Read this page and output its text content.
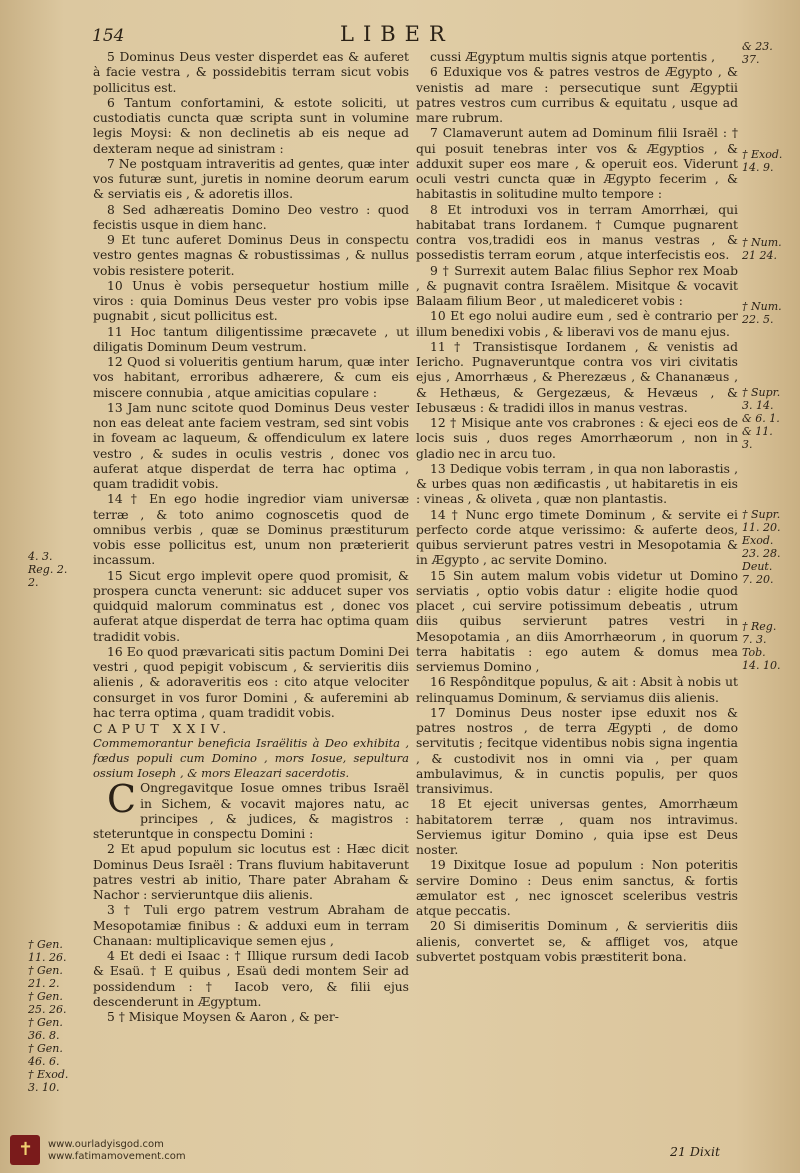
154	LIBER

5 Dominus Deus vester disperdet eas & auferet à facie vestra , & possidebitis terram sicut vobis pollicitus est.

6 Tantum confortamini, & estote soliciti, ut custodiatis cuncta quæ scripta sunt in volumine legis Moysi: & non declinetis ab eis neque ad dexteram neque ad sinistram :

7 Ne postquam intraveritis ad gentes, quæ inter vos futuræ sunt, juretis in nomine deorum earum & serviatis eis , & adoretis illos.

8 Sed adhæreatis Domino Deo vestro : quod fecistis usque in diem hanc.

9 Et tunc auferet Dominus Deus in conspectu vestro gentes magnas & robustissimas , & nullus vobis resistere poterit.

10 Unus è vobis persequetur hostium mille viros : quia Dominus Deus vester pro vobis ipse pugnabit , sicut pollicitus est.

11 Hoc tantum diligentissime præcavete , ut diligatis Dominum Deum vestrum.

12 Quod si volueritis gentium harum, quæ inter vos habitant, erroribus adhærere, & cum eis miscere connubia , atque amicitias copulare :

13 Jam nunc scitote quod Dominus Deus vester non eas deleat ante faciem vestram, sed sint vobis in foveam ac laqueum, & offendiculum ex latere vestro , & sudes in oculis vestris , donec vos auferat atque disperdat de terra hac optima , quam tradidit vobis.

14 † En ego hodie ingredior viam universæ terræ , & toto animo cognoscetis quod de omnibus verbis , quæ se Dominus præstiturum vobis esse pollicitus est, unum non præterierit incassum.

15 Sicut ergo implevit opere quod promisit, & prospera cuncta venerunt: sic adducet super vos quidquid malorum comminatus est , donec vos auferat atque disperdat de terra hac optima quam tradidit vobis.

16 Eo quod prævaricati sitis pactum Domini Dei vestri , quod pepigit vobiscum , & servieritis diis alienis , & adoraveritis eos : cito atque velociter consurget in vos furor Domini , & auferemini ab hac terra optima , quam tradidit vobis.

CAPUT XXIV.

Commemorantur beneficia Israëlitis à Deo exhibita , fœdus populi cum Domino , mors Iosue, sepultura ossium Ioseph , & mors Eleazari sacerdotis.

C Ongregavitque Iosue omnes tribus Israël in Sichem, & vocavit majores natu, ac principes , & judices, & magistros : steteruntque in conspectu Domini :

2 Et apud populum sic locutus est : Hæc dicit Dominus Deus Israël : Trans fluvium habitaverunt patres vestri ab initio, Thare pater Abraham & Nachor : servieruntque diis alienis.

3 † Tuli ergo patrem vestrum Abraham de Mesopotamiæ finibus : & adduxi eum in terram Chanaan: multiplicavique semen ejus ,

4 Et dedi ei Isaac : † Illique rursum dedi Iacob & Esaü. † E quibus , Esaü dedi montem Seir ad possidendum : † Iacob vero, & filii ejus descenderunt in Ægyptum.

5 † Misique Moysen & Aaron , & per-

cussi Ægyptum multis signis atque portentis ,

6 Eduxique vos & patres vestros de Ægypto , & venistis ad mare : persecutique sunt Ægyptii patres vestros cum curribus & equitatu , usque ad mare rubrum.

7 Clamaverunt autem ad Dominum filii Israël : † qui posuit tenebras inter vos & Ægyptios , & adduxit super eos mare , & operuit eos. Viderunt oculi vestri cuncta quæ in Ægypto fecerim , & habitastis in solitudine multo tempore :

8 Et introduxi vos in terram Amorrhæi, qui habitabat trans Iordanem. † Cumque pugnarent contra vos,tradidi eos in manus vestras , & possedistis terram eorum , atque interfecistis eos.

9 † Surrexit autem Balac filius Sephor rex Moab , & pugnavit contra Israëlem. Misitque & vocavit Balaam filium Beor , ut malediceret vobis :

10 Et ego nolui audire eum , sed è contrario per illum benedixi vobis , & liberavi vos de manu ejus.

11 † Transistisque Iordanem , & venistis ad Iericho. Pugnaveruntque contra vos viri civitatis ejus , Amorrhæus , & Pherezæus , & Chananæus , & Hethæus, & Gergezæus, & Hevæus , & Iebusæus : & tradidi illos in manus vestras.

12 † Misique ante vos crabrones : & ejeci eos de locis suis , duos reges Amorrhæorum , non in gladio nec in arcu tuo.

13 Dedique vobis terram , in qua non laborastis , & urbes quas non ædificastis , ut habitaretis in eis : vineas , & oliveta , quæ non plantastis.

14 † Nunc ergo timete Dominum , & servite ei perfecto corde atque verissimo: & auferte deos, quibus servierunt patres vestri in Mesopotamia & in Ægypto , ac servite Domino.

15 Sin autem malum vobis videtur ut Domino serviatis , optio vobis datur : eligite hodie quod placet , cui servire potissimum debeatis , utrum diis quibus servierunt patres vestri in Mesopotamia , an diis Amorrhæorum , in quorum terra habitatis : ego autem & domus mea serviemus Domino ,

16 Respônditque populus, & ait : Absit à nobis ut relinquamus Dominum, & serviamus diis alienis.

17 Dominus Deus noster ipse eduxit nos & patres nostros , de terra Ægypti , de domo servitutis ; fecitque videntibus nobis signa ingentia , & custodivit nos in omni via , per quam ambulavimus, & in cunctis populis, per quos transivimus.

18 Et ejecit universas gentes, Amorrhæum habitatorem terræ , quam nos intravimus. Serviemus igitur Domino , quia ipse est Deus noster.

19 Dixitque Iosue ad populum : Non poteritis servire Domino : Deus enim sanctus, & fortis æmulator est , nec ignoscet sceleribus vestris atque peccatis.

20 Si dimiseritis Dominum , & servieritis diis alienis, convertet se, & affliget vos, atque subvertet postquam vobis præstiterit bona.

& 23.
37.
† Exod.
14. 9.
† Num.
21 24.
† Num.
22. 5.
† Supr.
3. 14.
& 6. 1.
& 11.
3.
† Supr.
11. 20.
Exod.
23. 28.
Deut.
7. 20.
† Reg.
7. 3.
Tob.
14. 10.
4. 3.
Reg. 2.
2.
† Gen.
11. 26.
† Gen.
21. 2.
† Gen.
25. 26.
† Gen.
36. 8.
† Gen.
46. 6.
† Exod.
3. 10.
21 Dixit
✝
www.ourladyisgod.com
www.fatimamovement.com
